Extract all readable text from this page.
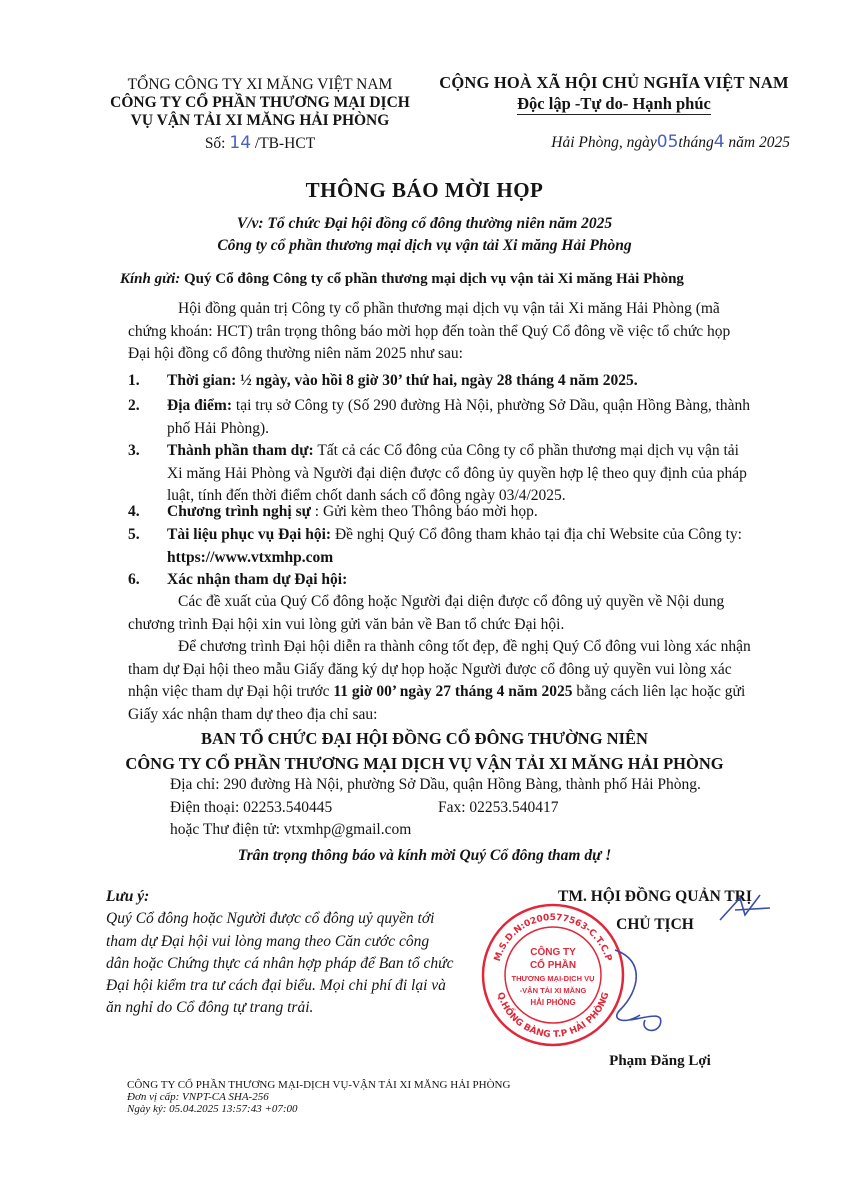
TỔNG CÔNG TY XI MĂNG VIỆT NAM
CÔNG TY CỔ PHẦN THƯƠNG MẠI DỊCH
VỤ VẬN TẢI XI MĂNG HẢI PHÒNG
Số: 14 /TB-HCT
CỘNG HOÀ XÃ HỘI CHỦ NGHĨA VIỆT NAM
Độc lập -Tự do- Hạnh phúc
Hải Phòng, ngày05tháng4 năm 2025
THÔNG BÁO MỜI HỌP
V/v: Tổ chức Đại hội đồng cổ đông thường niên năm 2025
Công ty cổ phần thương mại dịch vụ vận tải Xi măng Hải Phòng
Kính gửi: Quý Cổ đông Công ty cổ phần thương mại dịch vụ vận tải Xi măng Hải Phòng

Hội đồng quản trị Công ty cổ phần thương mại dịch vụ vận tải Xi măng Hải Phòng (mã chứng khoán: HCT) trân trọng thông báo mời họp đến toàn thể Quý Cổ đông về việc tổ chức họp Đại hội đồng cổ đông thường niên năm 2025 như sau:

1. Thời gian: ½ ngày, vào hồi 8 giờ 30’ thứ hai, ngày 28 tháng 4 năm 2025.
2. Địa điểm: tại trụ sở Công ty (Số 290 đường Hà Nội, phường Sở Dầu, quận Hồng Bàng, thành phố Hải Phòng).
3. Thành phần tham dự: Tất cả các Cổ đông của Công ty cổ phần thương mại dịch vụ vận tải Xi măng Hải Phòng và Người đại diện được cổ đông ủy quyền hợp lệ theo quy định của pháp luật, tính đến thời điểm chốt danh sách cổ đông ngày 03/4/2025.
4. Chương trình nghị sự : Gửi kèm theo Thông báo mời họp.
5. Tài liệu phục vụ Đại hội: Đề nghị Quý Cổ đông tham khảo tại địa chỉ Website của Công ty: https://www.vtxmhp.com
6. Xác nhận tham dự Đại hội:

Các đề xuất của Quý Cổ đông hoặc Người đại diện được cổ đông uỷ quyền về Nội dung chương trình Đại hội xin vui lòng gửi văn bản về Ban tổ chức Đại hội.

Để chương trình Đại hội diễn ra thành công tốt đẹp, đề nghị Quý Cổ đông vui lòng xác nhận tham dự Đại hội theo mẫu Giấy đăng ký dự họp hoặc Người được cổ đông uỷ quyền vui lòng xác nhận việc tham dự Đại hội trước 11 giờ 00’ ngày 27 tháng 4 năm 2025 bằng cách liên lạc hoặc gửi Giấy xác nhận tham dự theo địa chỉ sau:

BAN TỔ CHỨC ĐẠI HỘI ĐỒNG CỔ ĐÔNG THƯỜNG NIÊN
CÔNG TY CỔ PHẦN THƯƠNG MẠI DỊCH VỤ VẬN TẢI XI MĂNG HẢI PHÒNG
Địa chỉ: 290 đường Hà Nội, phường Sở Dầu, quận Hồng Bàng, thành phố Hải Phòng.
Điện thoại: 02253.540445	Fax: 02253.540417
hoặc Thư điện tử: vtxmhp@gmail.com
Trân trọng thông báo và kính mời Quý Cổ đông tham dự !
Lưu ý:
Quý Cổ đông hoặc Người được cổ đông uỷ quyền tới tham dự Đại hội vui lòng mang theo Căn cước công dân hoặc Chứng thực cá nhân hợp pháp để Ban tổ chức Đại hội kiểm tra tư cách đại biểu. Mọi chi phí đi lại và ăn nghỉ do Cổ đông tự trang trải.
TM. HỘI ĐỒNG QUẢN TRỊ
CHỦ TỊCH
M.S.D.N:0200577563-C.T.C.P
Q.HỒNG BÀNG T.P HẢI PHÒNG
CÔNG TY
CỔ PHẦN
THƯƠNG MẠI-DỊCH VỤ
-VẬN TẢI XI MĂNG
HẢI PHÒNG
Phạm Đăng Lợi
CÔNG TY CỔ PHẦN THƯƠNG MẠI-DỊCH VỤ-VẬN TẢI XI MĂNG HẢI PHÒNG
Đơn vị cấp: VNPT-CA SHA-256
Ngày ký: 05.04.2025 13:57:43 +07:00
